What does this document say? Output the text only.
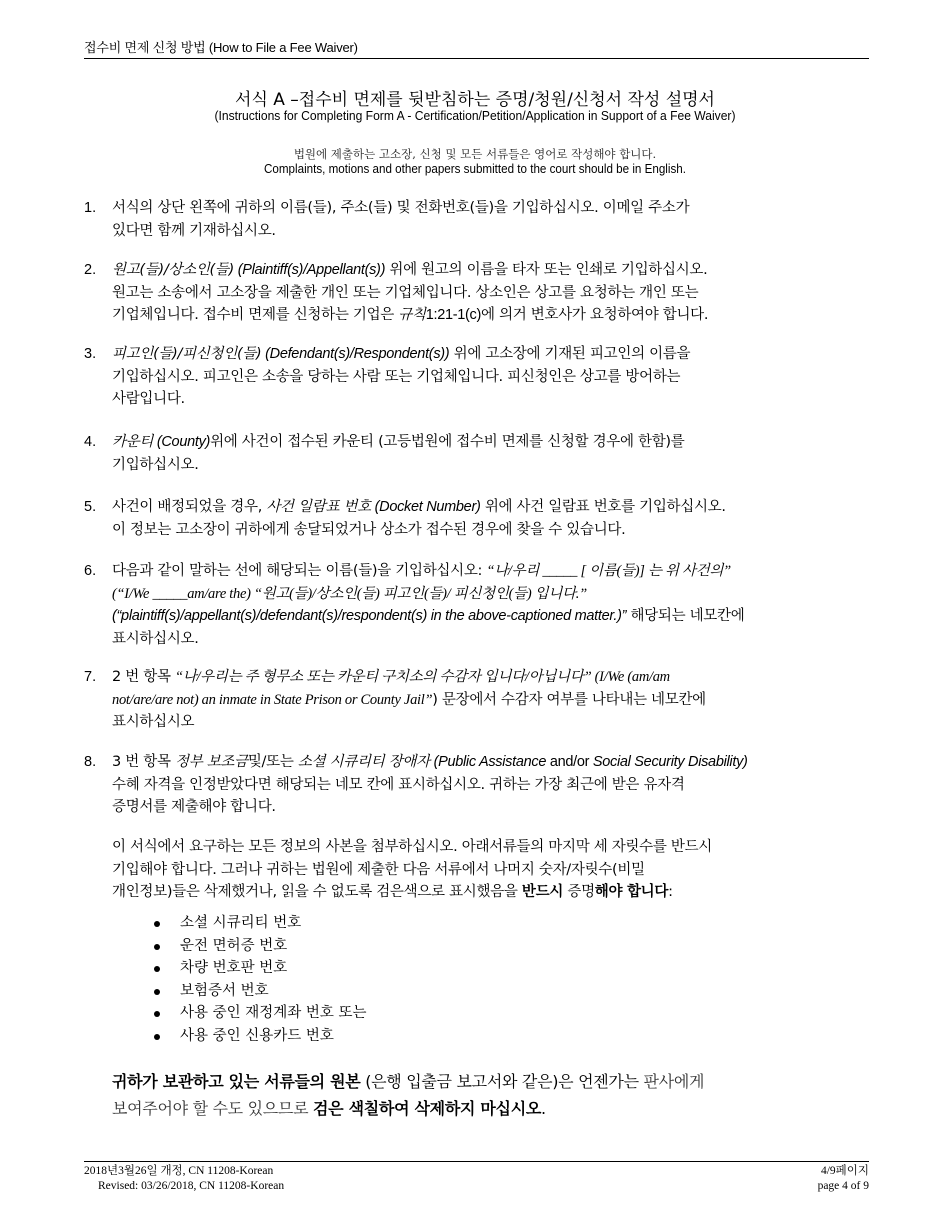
접수비 면제 신청 방법 (How to File a Fee Waiver)
서식 A –접수비 면제를 뒷받침하는 증명/청원/신청서 작성 설명서
(Instructions for Completing Form A - Certification/Petition/Application in Support of a Fee Waiver)
법원에 제출하는 고소장, 신청 및 모든 서류들은 영어로 작성해야 합니다.
Complaints, motions and other papers submitted to the court should be in English.
1.	서식의 상단 왼쪽에 귀하의 이름(들), 주소(들) 및 전화번호(들)을 기입하십시오. 이메일 주소가
있다면 함께 기재하십시오.
2.	원고(들)/상소인(들) (Plaintiff(s)/Appellant(s)) 위에 원고의 이름을 타자 또는 인쇄로 기입하십시오.
원고는 소송에서 고소장을 제출한 개인 또는 기업체입니다. 상소인은 상고를 요청하는 개인 또는
기업체입니다. 접수비 면제를 신청하는 기업은 규칙1:21-1(c)에 의거 변호사가 요청하여야 합니다.
3.	피고인(들)/피신청인(들) (Defendant(s)/Respondent(s)) 위에 고소장에 기재된 피고인의 이름을
기입하십시오. 피고인은 소송을 당하는 사람 또는 기업체입니다. 피신청인은 상고를 방어하는
사람입니다.
4.	카운티 (County)위에 사건이 접수된 카운티 (고등법원에 접수비 면제를 신청할 경우에 한함)를
기입하십시오.
5.	사건이 배정되었을 경우, 사건 일람표 번호 (Docket Number) 위에 사건 일람표 번호를 기입하십시오.
이 정보는 고소장이 귀하에게 송달되었거나 상소가 접수된 경우에 찾을 수 있습니다.
6.	다음과 같이 말하는 선에 해당되는 이름(들)을 기입하십시오: “나/우리 _____ [ 이름(들)] 는 위 사건의”
(“I/We _____am/are the) “원고(들)/상소인(들) 피고인(들)/ 피신청인(들) 입니다.”
(“plaintiff(s)/appellant(s)/defendant(s)/respondent(s) in the above-captioned matter.)” 해당되는 네모칸에
표시하십시오.
7.	2 번 항목 “나/우리는 주 형무소 또는 카운티 구치소의 수감자 입니다/아닙니다” (I/We (am/am
not/are/are not) an inmate in State Prison or County Jail”) 문장에서 수감자 여부를 나타내는 네모칸에
표시하십시오
8.	3 번 항목 정부 보조금및/또는 소셜 시큐리티 장애자 (Public Assistance and/or Social Security Disability)
수혜 자격을 인정받았다면 해당되는 네모 칸에 표시하십시오. 귀하는 가장 최근에 받은 유자격
증명서를 제출해야 합니다.
이 서식에서 요구하는 모든 정보의 사본을 첨부하십시오. 아래서류들의 마지막 세 자릿수를 반드시
기입해야 합니다. 그러나 귀하는 법원에 제출한 다음 서류에서 나머지 숫자/자릿수(비밀
개인정보)들은 삭제했거나, 읽을 수 없도록 검은색으로 표시했음을 반드시 증명해야 합니다:
소셜 시큐리티 번호
운전 면허증 번호
차량 번호판 번호
보험증서 번호
사용 중인 재정계좌 번호 또는
사용 중인 신용카드 번호
귀하가 보관하고 있는 서류들의 원본 (은행 입출금 보고서와 같은)은 언젠가는 판사에게
보여주어야 할 수도 있으므로 검은 색칠하여 삭제하지 마십시오.
2018년3월26일 개정, CN 11208-Korean
Revised: 03/26/2018, CN 11208-Korean
4/9페이지
page 4 of 9
